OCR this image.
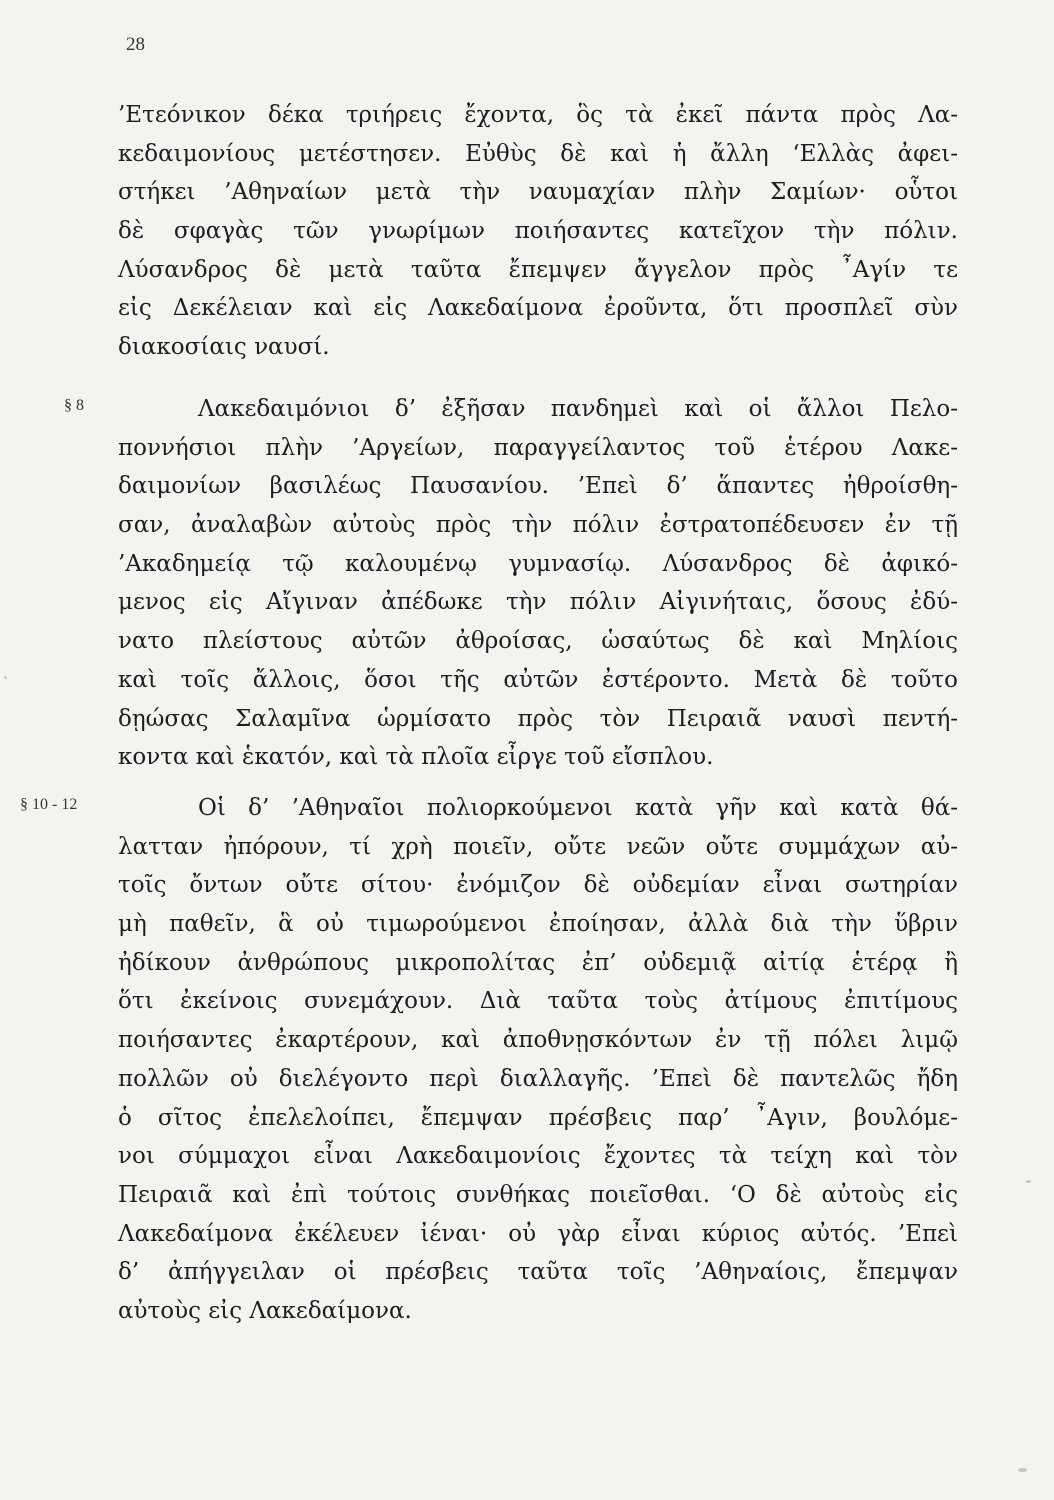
28
§ 8
§ 10 - 12
’Ετεόνικον δέκα τριήρεις ἔχοντα, ὃς τὰ ἐκεῖ πάντα πρὸς Λα-
κεδαιμονίους μετέστησεν. Εὐθὺς δὲ καὶ ἡ ἄλλη ‘Ελλὰς ἀφει-
στήκει ’Αθηναίων μετὰ τὴν ναυμαχίαν πλὴν Σαμίων· οὗτοι
δὲ σφαγὰς τῶν γνωρίμων ποιήσαντες κατεῖχον τὴν πόλιν.
Λύσανδρος δὲ μετὰ ταῦτα ἔπεμψεν ἄγγελον πρὸς ῏Αγίν τε
εἰς Δεκέλειαν καὶ εἰς Λακεδαίμονα ἐροῦντα, ὅτι προσπλεῖ σὺν
διακοσίαις ναυσί.
Λακεδαιμόνιοι δ’ ἐξῆσαν πανδημεὶ καὶ οἱ ἄλλοι Πελο-
ποννήσιοι πλὴν ’Αργείων, παραγγείλαντος τοῦ ἑτέρου Λακε-
δαιμονίων βασιλέως Παυσανίου. ’Επεὶ δ’ ἅπαντες ἠθροίσθη-
σαν, ἀναλαβὼν αὐτοὺς πρὸς τὴν πόλιν ἐστρατοπέδευσεν ἐν τῇ
’Ακαδημείᾳ τῷ καλουμένῳ γυμνασίῳ. Λύσανδρος δὲ ἀφικό-
μενος εἰς Αἴγιναν ἀπέδωκε τὴν πόλιν Αἰγινήταις, ὅσους ἐδύ-
νατο πλείστους αὐτῶν ἀθροίσας, ὡσαύτως δὲ καὶ Μηλίοις
καὶ τοῖς ἄλλοις, ὅσοι τῆς αὐτῶν ἐστέροντο. Μετὰ δὲ τοῦτο
δῃώσας Σαλαμῖνα ὡρμίσατο πρὸς τὸν Πειραιᾶ ναυσὶ πεντή-
κοντα καὶ ἑκατόν, καὶ τὰ πλοῖα εἶργε τοῦ εἴσπλου.
Οἱ δ’ ’Αθηναῖοι πολιορκούμενοι κατὰ γῆν καὶ κατὰ θά-
λατταν ἠπόρουν, τί χρὴ ποιεῖν, οὔτε νεῶν οὔτε συμμάχων αὐ-
τοῖς ὄντων οὔτε σίτου· ἐνόμιζον δὲ οὐδεμίαν εἶναι σωτηρίαν
μὴ παθεῖν, ἃ οὐ τιμωρούμενοι ἐποίησαν, ἀλλὰ διὰ τὴν ὕβριν
ἠδίκουν ἀνθρώπους μικροπολίτας ἐπ’ οὐδεμιᾷ αἰτίᾳ ἑτέρᾳ ἢ
ὅτι ἐκείνοις συνεμάχουν. Διὰ ταῦτα τοὺς ἀτίμους ἐπιτίμους
ποιήσαντες ἐκαρτέρουν, καὶ ἀποθνῃσκόντων ἐν τῇ πόλει λιμῷ
πολλῶν οὐ διελέγοντο περὶ διαλλαγῆς. ’Επεὶ δὲ παντελῶς ἤδη
ὁ σῖτος ἐπελελοίπει, ἔπεμψαν πρέσβεις παρ’ ῏Αγιν, βουλόμε-
νοι σύμμαχοι εἶναι Λακεδαιμονίοις ἔχοντες τὰ τείχη καὶ τὸν
Πειραιᾶ καὶ ἐπὶ τούτοις συνθήκας ποιεῖσθαι. ‘Ο δὲ αὐτοὺς εἰς
Λακεδαίμονα ἐκέλευεν ἰέναι· οὐ γὰρ εἶναι κύριος αὐτός. ’Επεὶ
δ’ ἀπήγγειλαν οἱ πρέσβεις ταῦτα τοῖς ’Αθηναίοις, ἔπεμψαν
αὐτοὺς εἰς Λακεδαίμονα.
